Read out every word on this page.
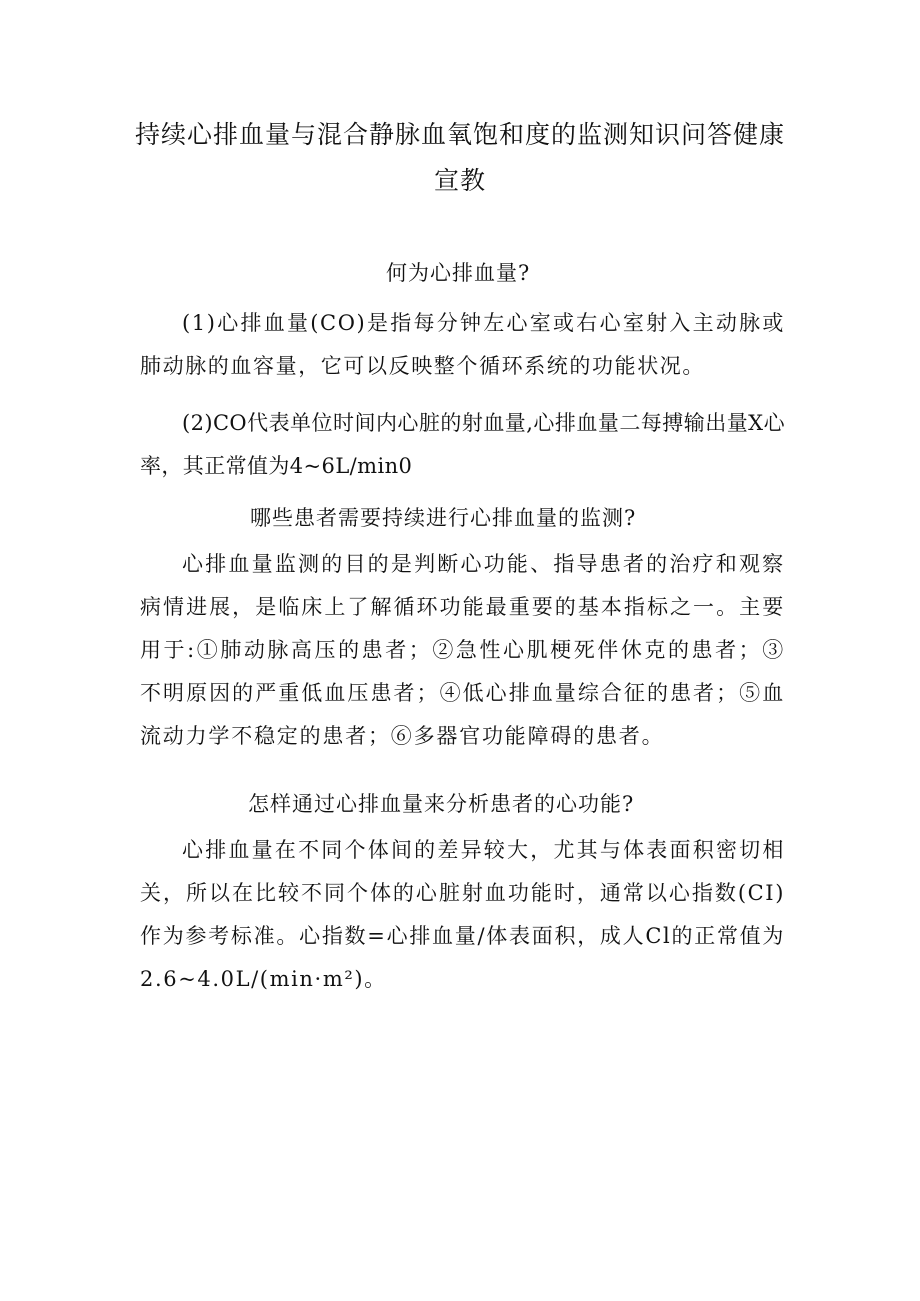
持续心排血量与混合静脉血氧饱和度的监测知识问答健康
宣教
何为心排血量?
(1)心排血量(CO)是指每分钟左心室或右心室射入主动脉或肺动脉的血容量，它可以反映整个循环系统的功能状况。
(2)CO代表单位时间内心脏的射血量,心排血量二每搏输出量X心率，其正常值为4~6L/min0
哪些患者需要持续进行心排血量的监测?
心排血量监测的目的是判断心功能、指导患者的治疗和观察病情进展，是临床上了解循环功能最重要的基本指标之一。主要用于:①肺动脉高压的患者；②急性心肌梗死伴休克的患者；③不明原因的严重低血压患者；④低心排血量综合征的患者；⑤血流动力学不稳定的患者；⑥多器官功能障碍的患者。
怎样通过心排血量来分析患者的心功能?
心排血量在不同个体间的差异较大，尤其与体表面积密切相关，所以在比较不同个体的心脏射血功能时，通常以心指数(CI)作为参考标准。心指数=心排血量/体表面积，成人Cl的正常值为2.6~4.0L/(min·m²)。
